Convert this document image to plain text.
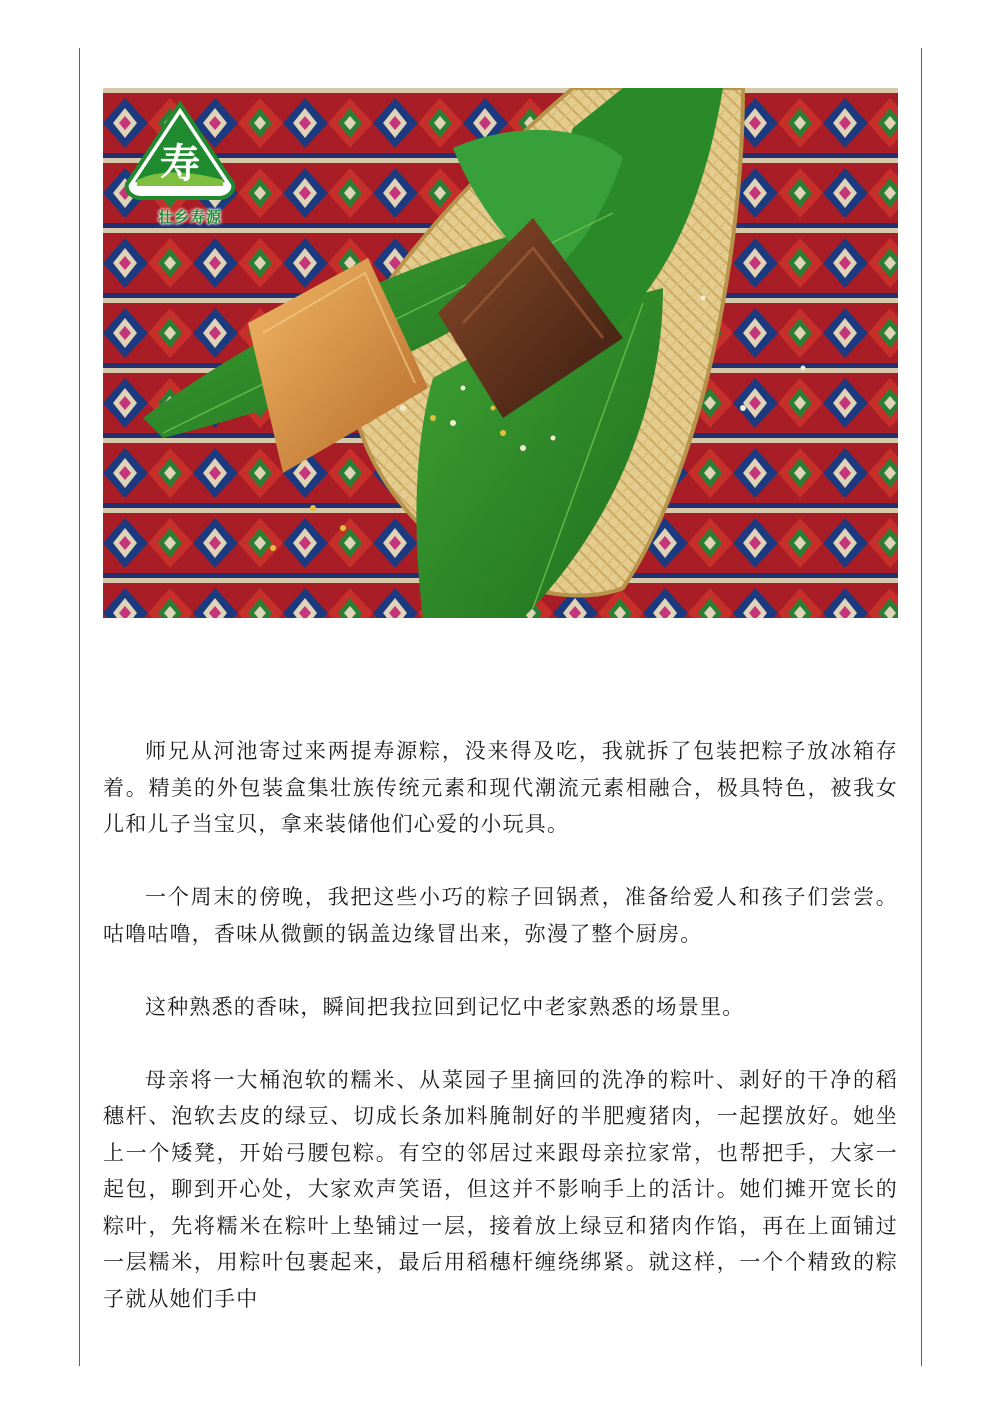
寿
壮乡寿源

师兄从河池寄过来两提寿源粽，没来得及吃，我就拆了包装把粽子放冰箱存着。精美的外包装盒集壮族传统元素和现代潮流元素相融合，极具特色，被我女儿和儿子当宝贝，拿来装储他们心爱的小玩具。

一个周末的傍晚，我把这些小巧的粽子回锅煮，准备给爱人和孩子们尝尝。咕噜咕噜，香味从微颤的锅盖边缘冒出来，弥漫了整个厨房。

这种熟悉的香味，瞬间把我拉回到记忆中老家熟悉的场景里。

母亲将一大桶泡软的糯米、从菜园子里摘回的洗净的粽叶、剥好的干净的稻穗杆、泡软去皮的绿豆、切成长条加料腌制好的半肥瘦猪肉，一起摆放好。她坐上一个矮凳，开始弓腰包粽。有空的邻居过来跟母亲拉家常，也帮把手，大家一起包，聊到开心处，大家欢声笑语，但这并不影响手上的活计。她们摊开宽长的粽叶，先将糯米在粽叶上垫铺过一层，接着放上绿豆和猪肉作馅，再在上面铺过一层糯米，用粽叶包裹起来，最后用稻穗杆缠绕绑紧。就这样，一个个精致的粽子就从她们手中
